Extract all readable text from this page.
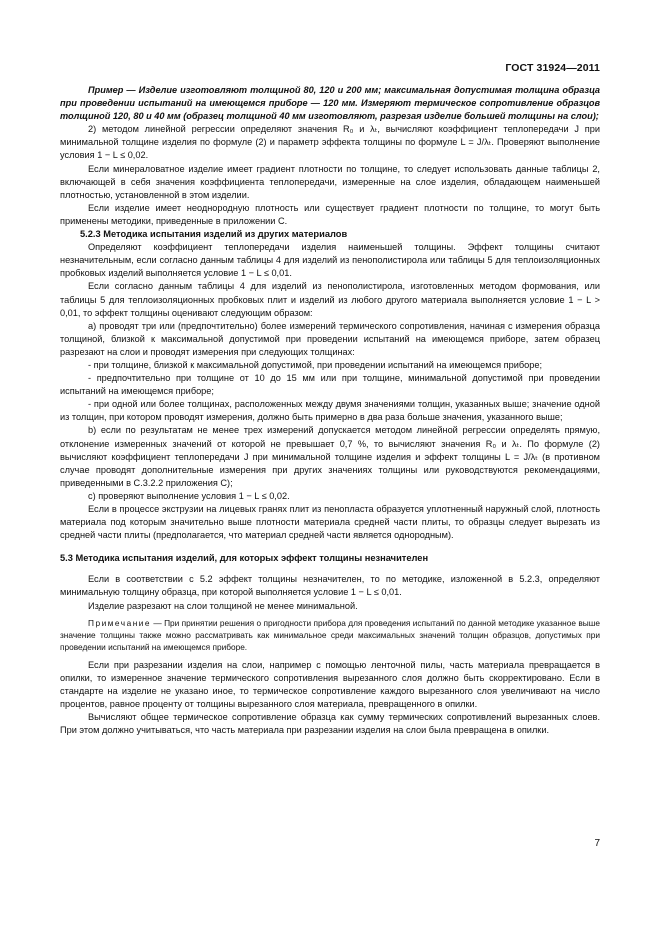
ГОСТ 31924—2011

Пример — Изделие изготовляют толщиной 80, 120 и 200 мм; максимальная допустимая толщина образца при проведении испытаний на имеющемся приборе — 120 мм. Измеряют термическое сопротивление образцов толщиной 120, 80 и 40 мм (образец толщиной 40 мм изготовляют, разрезая изделие большей толщины на слои);

2) методом линейной регрессии определяют значения R₀ и λₜ, вычисляют коэффициент теплопередачи J при минимальной толщине изделия по формуле (2) и параметр эффекта толщины по формуле L = J/λₜ. Проверяют выполнение условия 1 − L ≤ 0,02.

Если минераловатное изделие имеет градиент плотности по толщине, то следует использовать данные таблицы 2, включающей в себя значения коэффициента теплопередачи, измеренные на слое изделия, обладающем наименьшей плотностью, установленной в этом изделии.

Если изделие имеет неоднородную плотность или существует градиент плотности по толщине, то могут быть применены методики, приведенные в приложении С.

5.2.3 Методика испытания изделий из других материалов

Определяют коэффициент теплопередачи изделия наименьшей толщины. Эффект толщины считают незначительным, если согласно данным таблицы 4 для изделий из пенополистирола или таблицы 5 для теплоизоляционных пробковых изделий выполняется условие 1 − L ≤ 0,01.

Если согласно данным таблицы 4 для изделий из пенополистирола, изготовленных методом формования, или таблицы 5 для теплоизоляционных пробковых плит и изделий из любого другого материала выполняется условие 1 − L > 0,01, то эффект толщины оценивают следующим образом:

а) проводят три или (предпочтительно) более измерений термического сопротивления, начиная с измерения образца толщиной, близкой к максимальной допустимой при проведении испытаний на имеющемся приборе, затем образец разрезают на слои и проводят измерения при следующих толщинах:

- при толщине, близкой к максимальной допустимой, при проведении испытаний на имеющемся приборе;

- предпочтительно при толщине от 10 до 15 мм или при толщине, минимальной допустимой при проведении испытаний на имеющемся приборе;

- при одной или более толщинах, расположенных между двумя значениями толщин, указанных выше; значение одной из толщин, при котором проводят измерения, должно быть примерно в два раза больше значения, указанного выше;

b) если по результатам не менее трех измерений допускается методом линейной регрессии определять прямую, отклонение измеренных значений от которой не превышает 0,7 %, то вычисляют значения R₀ и λₜ. По формуле (2) вычисляют коэффициент теплопередачи J при минимальной толщине изделия и эффект толщины L = J/λₜ (в противном случае проводят дополнительные измерения при других значениях толщины или руководствуются рекомендациями, приведенными в С.3.2.2 приложения С);

с) проверяют выполнение условия 1 − L ≤ 0,02.

Если в процессе экструзии на лицевых гранях плит из пенопласта образуется уплотненный наружный слой, плотность материала под которым значительно выше плотности материала средней части плиты, то образцы следует вырезать из средней части плиты (предполагается, что материал средней части является однородным).

5.3 Методика испытания изделий, для которых эффект толщины незначителен

Если в соответствии с 5.2 эффект толщины незначителен, то по методике, изложенной в 5.2.3, определяют минимальную толщину образца, при которой выполняется условие 1 − L ≤ 0,01.

Изделие разрезают на слои толщиной не менее минимальной.

Примечание — При принятии решения о пригодности прибора для проведения испытаний по данной методике указанное выше значение толщины также можно рассматривать как минимальное среди максимальных значений толщин образцов, допустимых при проведении испытаний на имеющемся приборе.

Если при разрезании изделия на слои, например с помощью ленточной пилы, часть материала превращается в опилки, то измеренное значение термического сопротивления вырезанного слоя должно быть скорректировано. Если в стандарте на изделие не указано иное, то термическое сопротивление каждого вырезанного слоя увеличивают на число процентов, равное проценту от толщины вырезанного слоя материала, превращенного в опилки.

Вычисляют общее термическое сопротивление образца как сумму термических сопротивлений вырезанных слоев. При этом должно учитываться, что часть материала при разрезании изделия на слои была превращена в опилки.

7
